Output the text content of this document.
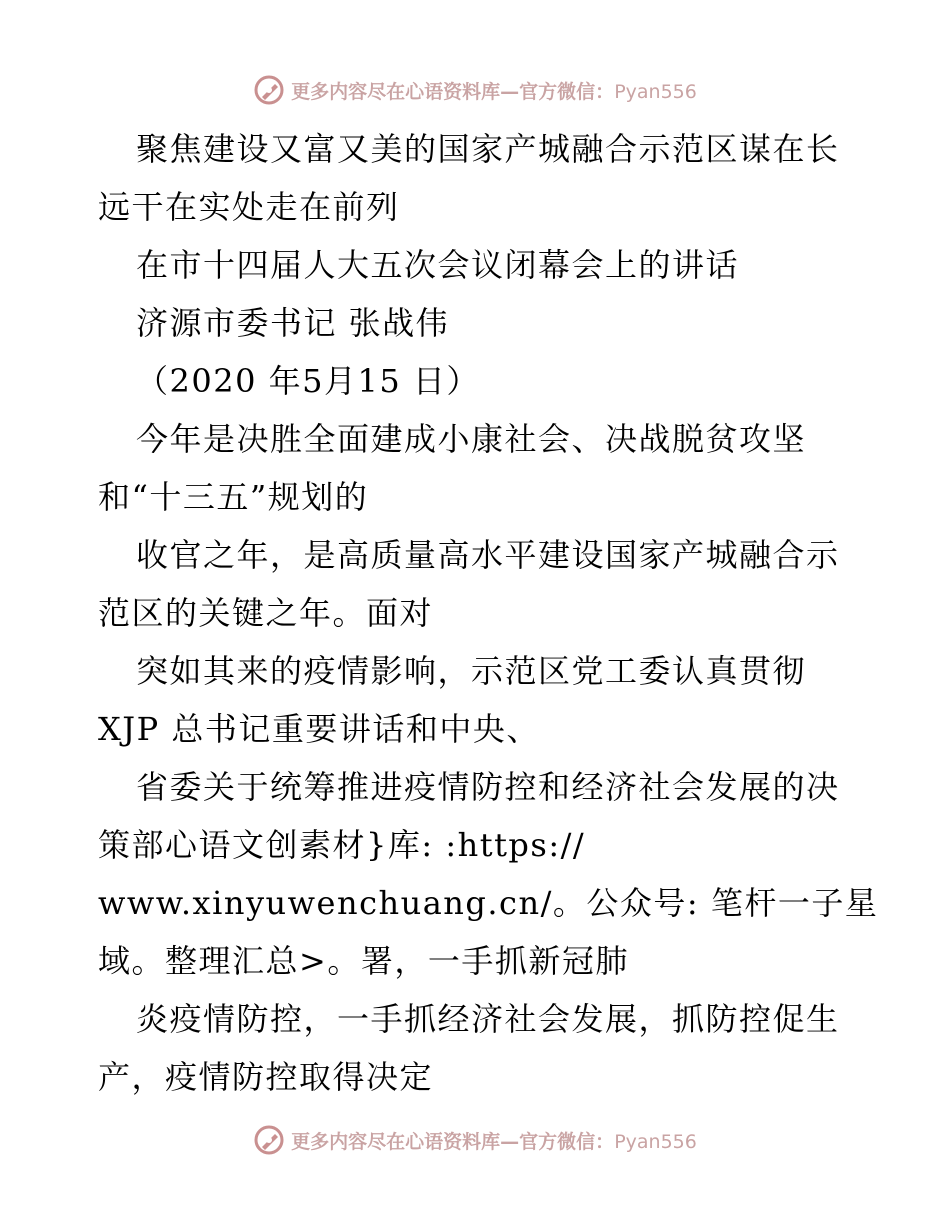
更多内容尽在心语资料库—官方微信：Pyan556
聚焦建设又富又美的国家产城融合示范区谋在长
远干在实处走在前列
在市十四届人大五次会议闭幕会上的讲话
济源市委书记 张战伟
（2020 年5月15 日）
今年是决胜全面建成小康社会、决战脱贫攻坚
和“十三五”规划的
收官之年，是高质量高水平建设国家产城融合示
范区的关键之年。面对
突如其来的疫情影响，示范区党工委认真贯彻
XJP 总书记重要讲话和中央、
省委关于统筹推进疫情防控和经济社会发展的决
策部心语文创素材}库: :https://
www.xinyuwenchuang.cn/。公众号: 笔杆一子星
域。整理汇总>。署，一手抓新冠肺
炎疫情防控，一手抓经济社会发展，抓防控促生
产，疫情防控取得决定
更多内容尽在心语资料库—官方微信：Pyan556
